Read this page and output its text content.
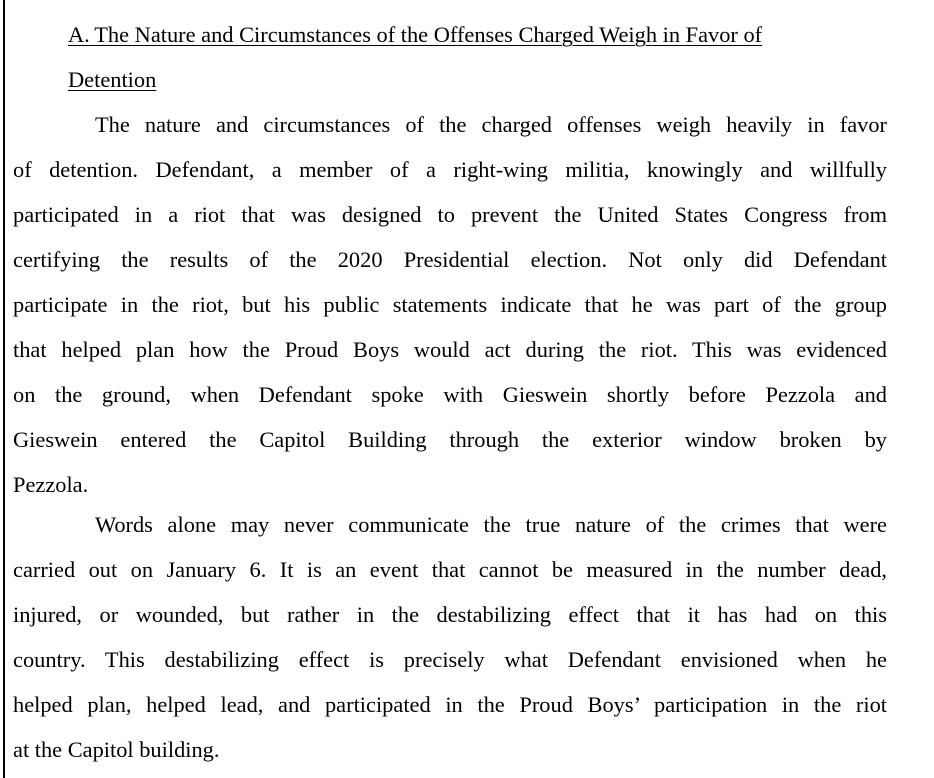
A. The Nature and Circumstances of the Offenses Charged Weigh in Favor of
Detention
The nature and circumstances of the charged offenses weigh heavily in favor
of detention. Defendant, a member of a right-wing militia, knowingly and willfully
participated in a riot that was designed to prevent the United States Congress from
certifying the results of the 2020 Presidential election. Not only did Defendant
participate in the riot, but his public statements indicate that he was part of the group
that helped plan how the Proud Boys would act during the riot. This was evidenced
on the ground, when Defendant spoke with Gieswein shortly before Pezzola and
Gieswein entered the Capitol Building through the exterior window broken by
Pezzola.
Words alone may never communicate the true nature of the crimes that were
carried out on January 6. It is an event that cannot be measured in the number dead,
injured, or wounded, but rather in the destabilizing effect that it has had on this
country. This destabilizing effect is precisely what Defendant envisioned when he
helped plan, helped lead, and participated in the Proud Boys’ participation in the riot
at the Capitol building.
